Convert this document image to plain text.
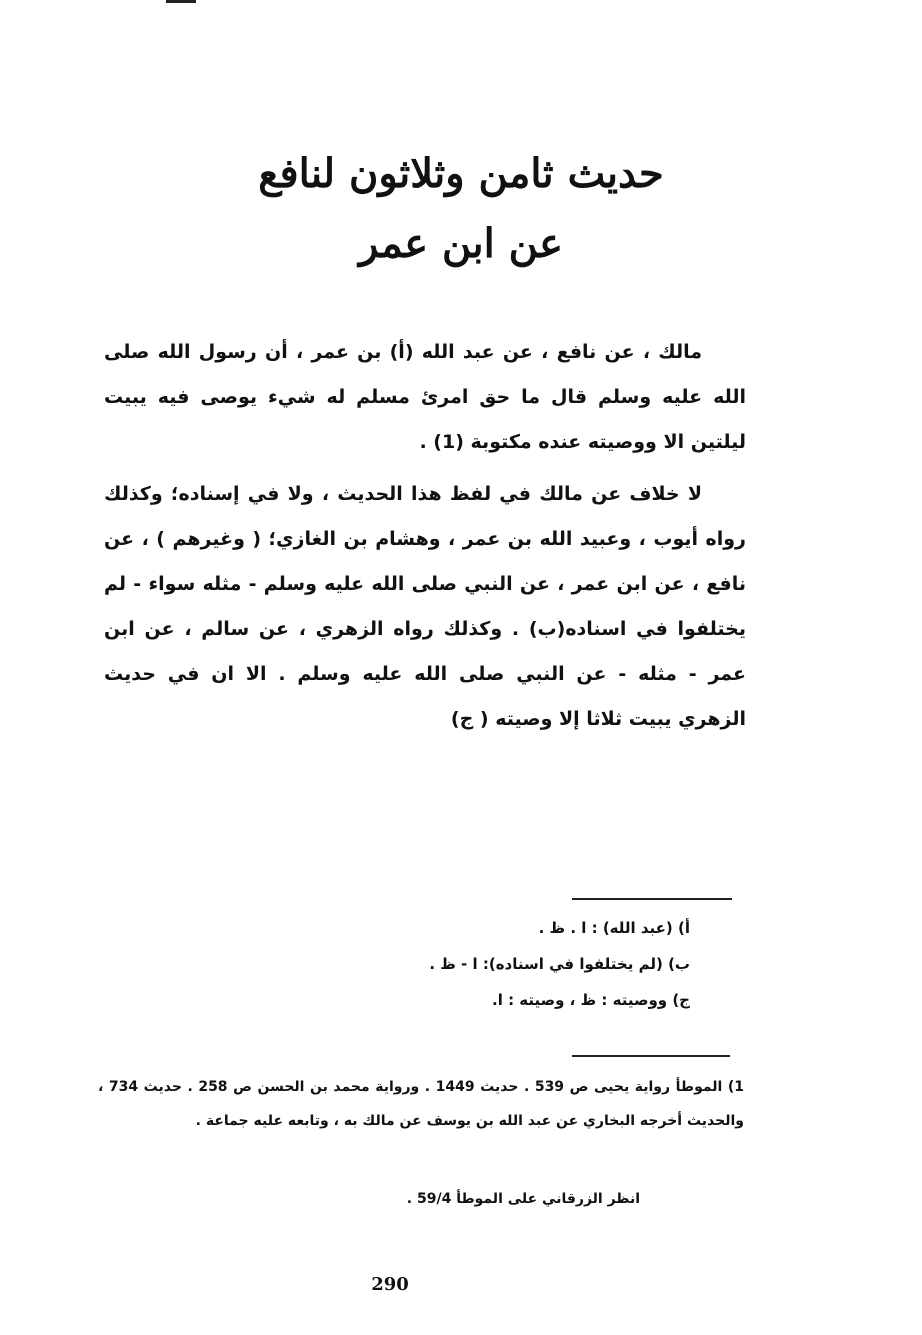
حديث ثامن وثلاثون لنافع
عن ابن عمر
مالك ، عن نافع ، عن عبد الله (أ) بن عمر ، أن رسول الله صلى الله عليه وسلم قال ما حق امرئ مسلم له شيء يوصى فيه يبيت ليلتين الا ووصيته عنده مكتوبة (1) .
لا خلاف عن مالك في لفظ هذا الحديث ، ولا في إسناده؛ وكذلك رواه أيوب ، وعبيد الله بن عمر ، وهشام بن الغازي؛ ( وغيرهم ) ، عن نافع ، عن ابن عمر ، عن النبي صلى الله عليه وسلم - مثله سواء - لم يختلفوا في اسناده(ب) . وكذلك رواه الزهري ، عن سالم ، عن ابن عمر - مثله - عن النبي صلى الله عليه وسلم . الا ان في حديث الزهري يبيت ثلاثا إلا وصيته ( ج)
أ) (عبد الله) : ا . ظ .
ب) (لم يختلفوا في اسناده): ا - ظ .
ج) ووصيته : ظ ، وصيته : ا.
1) الموطأ رواية يحيى ص 539 . حديث 1449 . ورواية محمد بن الحسن ص 258 . حديث 734 ، والحديث أخرجه البخاري عن عبد الله بن يوسف عن مالك به ، وتابعه عليه جماعة .
انظر الزرقاني على الموطأ 59/4 .
290
